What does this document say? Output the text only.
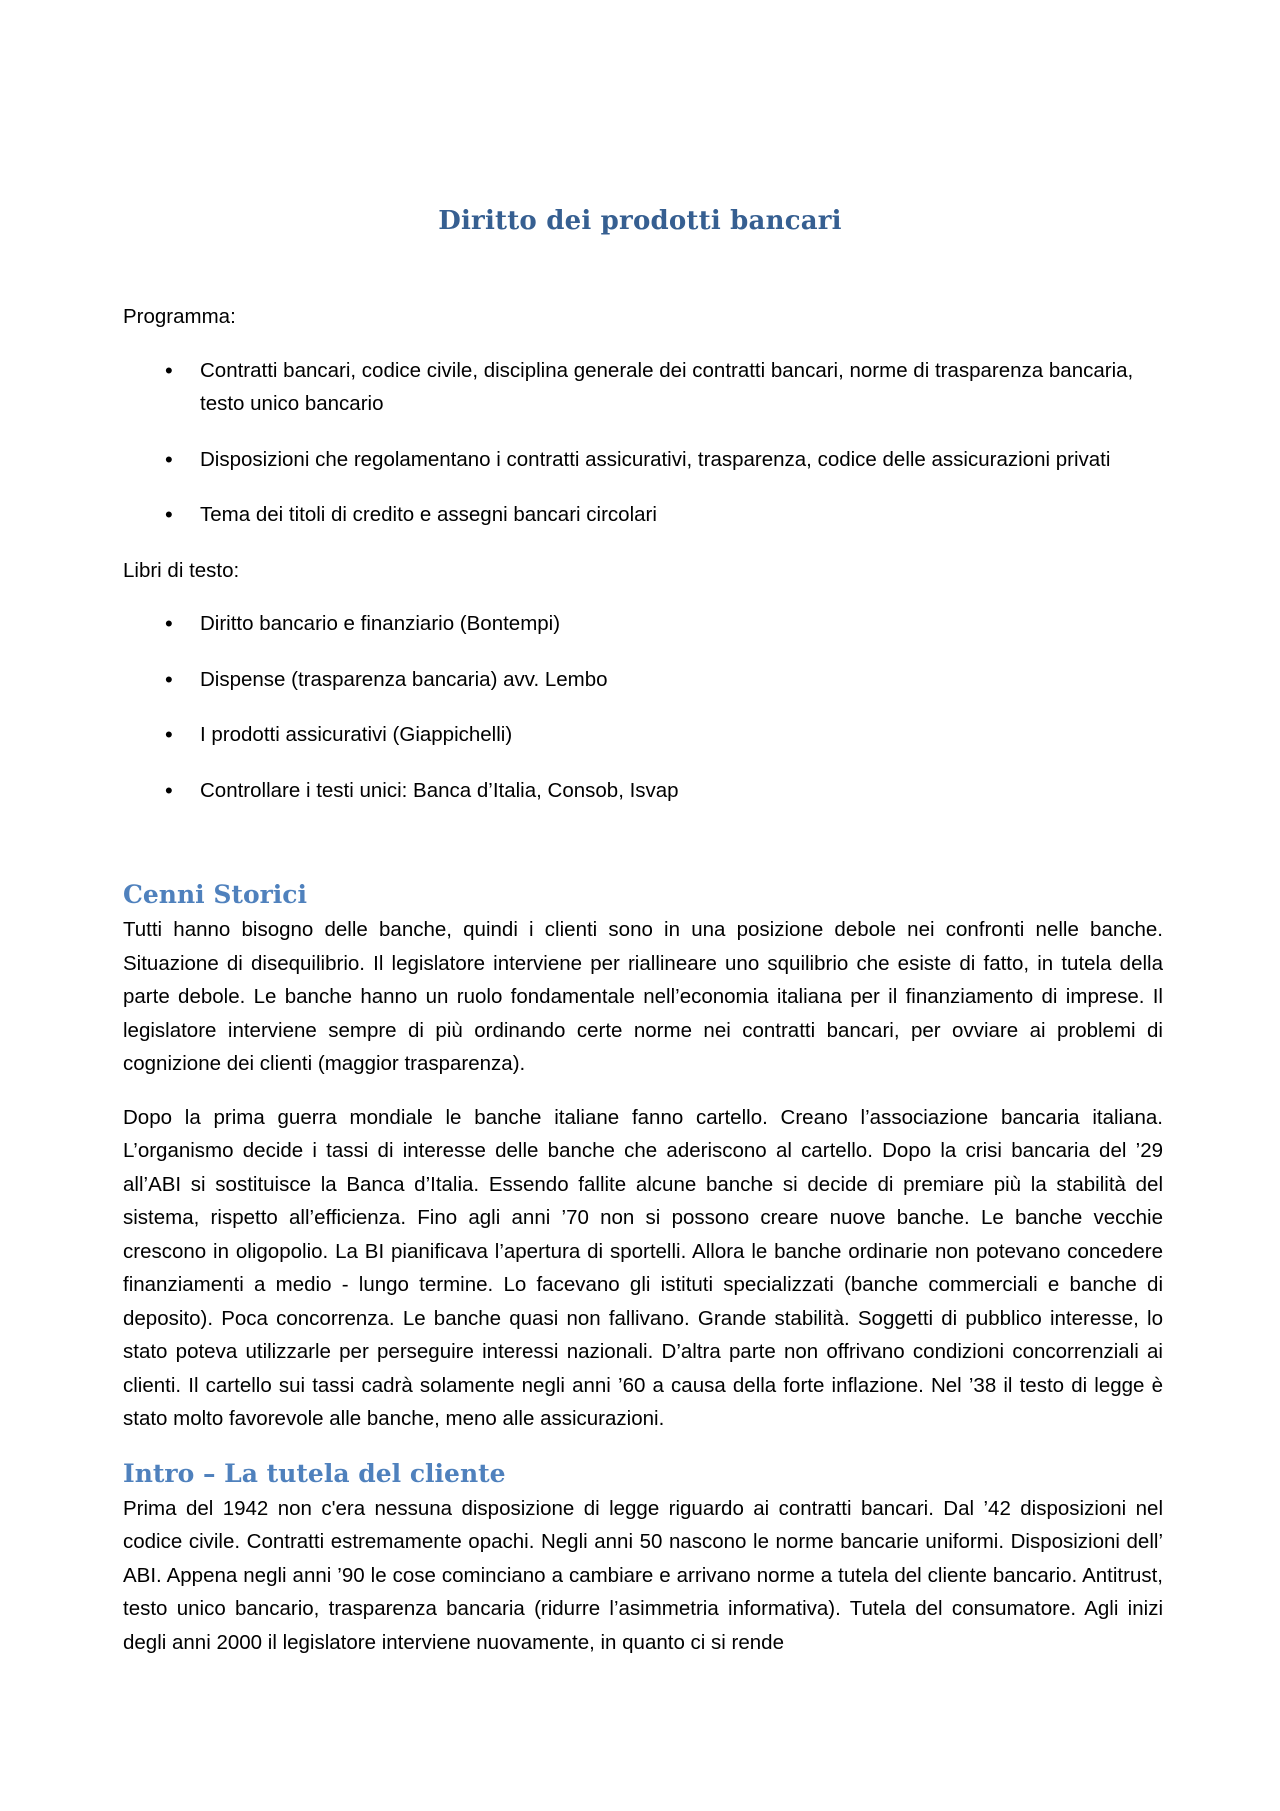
Diritto dei prodotti bancari

Programma:

• Contratti bancari, codice civile, disciplina generale dei contratti bancari, norme di trasparenza bancaria, testo unico bancario
• Disposizioni che regolamentano i contratti assicurativi, trasparenza, codice delle assicurazioni privati
• Tema dei titoli di credito e assegni bancari circolari

Libri di testo:

• Diritto bancario e finanziario (Bontempi)
• Dispense (trasparenza bancaria) avv. Lembo
• I prodotti assicurativi (Giappichelli)
• Controllare i testi unici: Banca d’Italia, Consob, Isvap
Cenni Storici

Tutti hanno bisogno delle banche, quindi i clienti sono in una posizione debole nei confronti nelle banche. Situazione di disequilibrio. Il legislatore interviene per riallineare uno squilibrio che esiste di fatto, in tutela della parte debole. Le banche hanno un ruolo fondamentale nell’economia italiana per il finanziamento di imprese. Il legislatore interviene sempre di più ordinando certe norme nei contratti bancari, per ovviare ai problemi di cognizione dei clienti (maggior trasparenza).

Dopo la prima guerra mondiale le banche italiane fanno cartello. Creano l’associazione bancaria italiana. L’organismo decide i tassi di interesse delle banche che aderiscono al cartello. Dopo la crisi bancaria del ’29 all’ABI si sostituisce la Banca d’Italia. Essendo fallite alcune banche si decide di premiare più la stabilità del sistema, rispetto all’efficienza. Fino agli anni ’70 non si possono creare nuove banche. Le banche vecchie crescono in oligopolio. La BI pianificava l’apertura di sportelli. Allora le banche ordinarie non potevano concedere finanziamenti a medio - lungo termine. Lo facevano gli istituti specializzati (banche commerciali e banche di deposito). Poca concorrenza. Le banche quasi non fallivano. Grande stabilità. Soggetti di pubblico interesse, lo stato poteva utilizzarle per perseguire interessi nazionali. D’altra parte non offrivano condizioni concorrenziali ai clienti. Il cartello sui tassi cadrà solamente negli anni ’60 a causa della forte inflazione. Nel ’38 il testo di legge è stato molto favorevole alle banche, meno alle assicurazioni.

Intro – La tutela del cliente

Prima del 1942 non c'era nessuna disposizione di legge riguardo ai contratti bancari. Dal ’42 disposizioni nel codice civile. Contratti estremamente opachi. Negli anni 50 nascono le norme bancarie uniformi. Disposizioni dell’ ABI. Appena negli anni ’90 le cose cominciano a cambiare e arrivano norme a tutela del cliente bancario. Antitrust, testo unico bancario, trasparenza bancaria (ridurre l’asimmetria informativa). Tutela del consumatore. Agli inizi degli anni 2000 il legislatore interviene nuovamente, in quanto ci si rende
